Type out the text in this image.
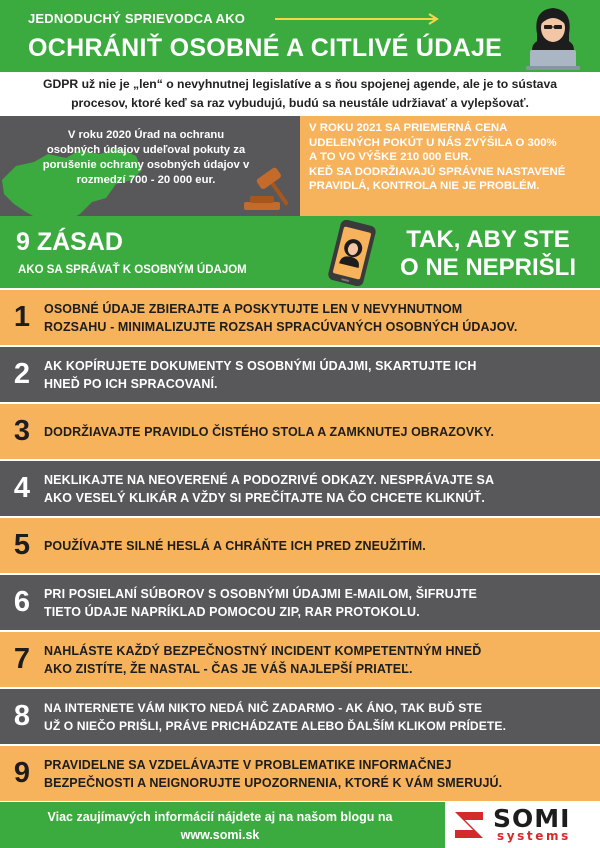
JEDNODUCHÝ SPRIEVODCA AKO
OCHRÁNIŤ OSOBNÉ A CITLIVÉ ÚDAJE
GDPR už nie je „len“ o nevyhnutnej legislatíve a s ňou spojenej agende, ale je to sústava
procesov, ktoré keď sa raz vybudujú, budú sa neustále udržiavať a vylepšovať.
V roku 2020 Úrad na ochranu
osobných údajov udeľoval pokuty za
porušenie ochrany osobných údajov v
rozmedzí 700 - 20 000 eur.
V ROKU 2021 SA PRIEMERNÁ CENA
UDELENÝCH POKÚT U NÁS ZVÝŠILA O 300%
A TO VO VÝŠKE 210 000 EUR.
KEĎ SA DODRŽIAVAJÚ SPRÁVNE NASTAVENÉ
PRAVIDLÁ, KONTROLA NIE JE PROBLÉM.
9 ZÁSAD
AKO SA SPRÁVAŤ K OSOBNÝM ÚDAJOM
TAK, ABY STE
O NE NEPRIŠLI
1	OSOBNÉ ÚDAJE ZBIERAJTE A POSKYTUJTE LEN V NEVYHNUTNOM
ROZSAHU - MINIMALIZUJTE ROZSAH SPRACÚVANÝCH OSOBNÝCH ÚDAJOV.
2	AK KOPÍRUJETE DOKUMENTY S OSOBNÝMI ÚDAJMI, SKARTUJTE ICH
HNEĎ PO ICH SPRACOVANÍ.
3	DODRŽIAVAJTE PRAVIDLO ČISTÉHO STOLA A ZAMKNUTEJ OBRAZOVKY.
4	NEKLIKAJTE NA NEOVERENÉ A PODOZRIVÉ ODKAZY. NESPRÁVAJTE SA
AKO VESELÝ KLIKÁR A VŽDY SI PREČÍTAJTE NA ČO CHCETE KLIKNÚŤ.
5	POUŽÍVAJTE SILNÉ HESLÁ A CHRÁŇTE ICH PRED ZNEUŽITÍM.
6	PRI POSIELANÍ SÚBOROV S OSOBNÝMI ÚDAJMI E-MAILOM, ŠIFRUJTE
TIETO ÚDAJE NAPRÍKLAD POMOCOU ZIP, RAR PROTOKOLU.
7	NAHLÁSTE KAŽDÝ BEZPEČNOSTNÝ INCIDENT KOMPETENTNÝM HNEĎ
AKO ZISTÍTE, ŽE NASTAL - ČAS JE VÁŠ NAJLEPŠÍ PRIATEĽ.
8	NA INTERNETE VÁM NIKTO NEDÁ NIČ ZADARMO - AK ÁNO, TAK BUĎ STE
UŽ O NIEČO PRIŠLI, PRÁVE PRICHÁDZATE ALEBO ĎALŠÍM KLIKOM PRÍDETE.
9	PRAVIDELNE SA VZDELÁVAJTE V PROBLEMATIKE INFORMAČNEJ
BEZPEČNOSTI A NEIGNORUJTE UPOZORNENIA, KTORÉ K VÁM SMERUJÚ.
Viac zaujímavých informácií nájdete aj na našom blogu na
www.somi.sk
SOMI
systems
